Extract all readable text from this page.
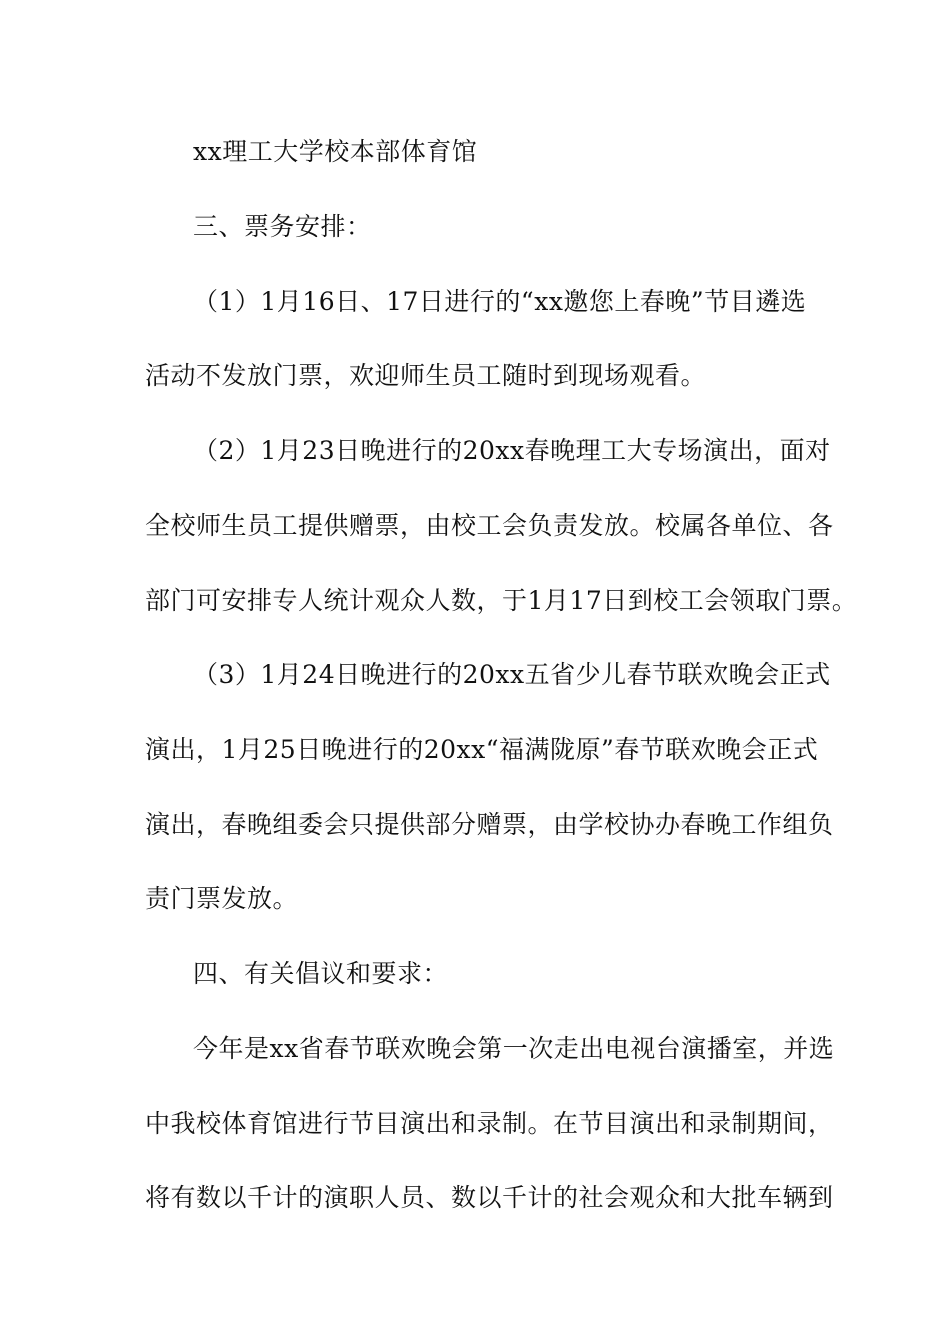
xx理工大学校本部体育馆
三、票务安排：
（1）1月16日、17日进行的“xx邀您上春晚”节目遴选
活动不发放门票，欢迎师生员工随时到现场观看。
（2）1月23日晚进行的20xx春晚理工大专场演出，面对
全校师生员工提供赠票，由校工会负责发放。校属各单位、各
部门可安排专人统计观众人数，于1月17日到校工会领取门票。
（3）1月24日晚进行的20xx五省少儿春节联欢晚会正式
演出，1月25日晚进行的20xx“福满陇原”春节联欢晚会正式
演出，春晚组委会只提供部分赠票，由学校协办春晚工作组负
责门票发放。
四、有关倡议和要求：
今年是xx省春节联欢晚会第一次走出电视台演播室，并选
中我校体育馆进行节目演出和录制。在节目演出和录制期间，
将有数以千计的演职人员、数以千计的社会观众和大批车辆到
